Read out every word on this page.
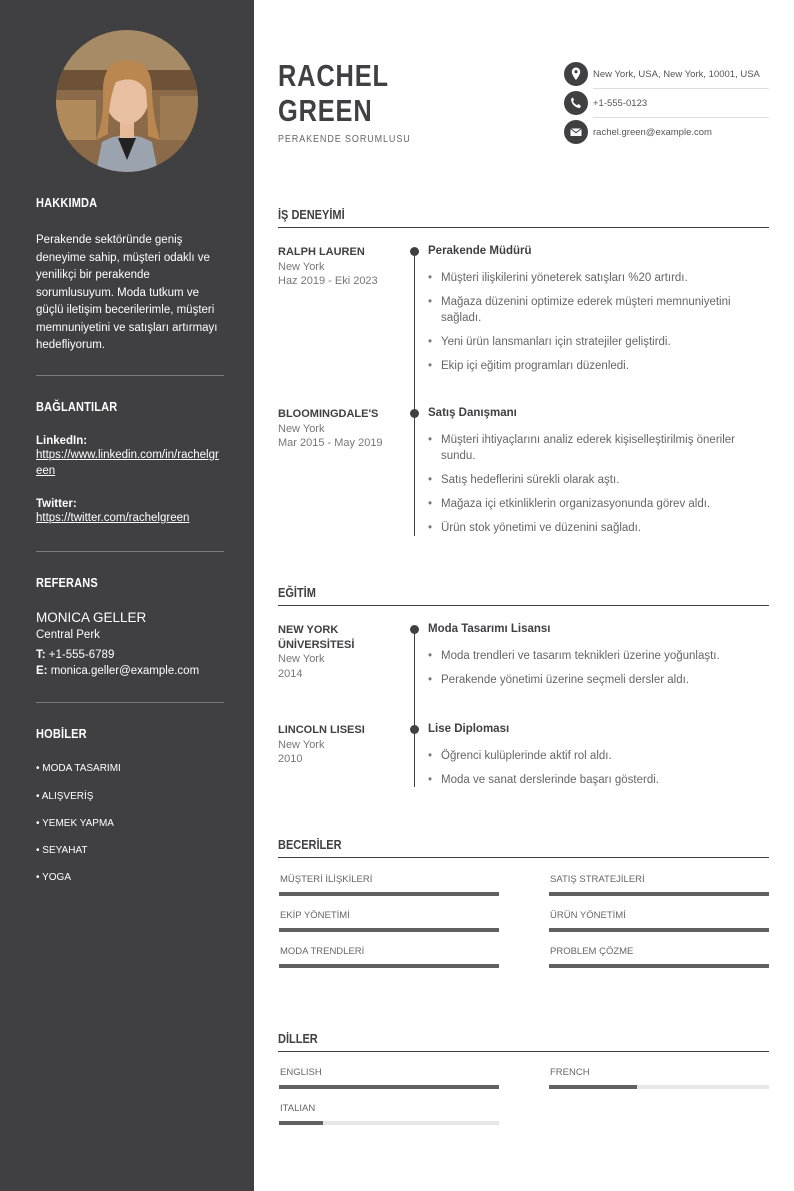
HAKKIMDA
Perakende sektöründe geniş deneyime sahip, müşteri odaklı ve yenilikçi bir perakende sorumlusuyum. Moda tutkum ve güçlü iletişim becerilerimle, müşteri memnuniyetini ve satışları artırmayı hedefliyorum.
BAĞLANTILAR
LinkedIn:
https://www.linkedin.com/in/rachelgreen
Twitter:
https://twitter.com/rachelgreen
REFERANS
MONICA GELLER
Central Perk
T: +1-555-6789
E: monica.geller@example.com
HOBİLER
• MODA TASARIMI
• ALIŞVERİŞ
• YEMEK YAPMA
• SEYAHAT
• YOGA
RACHEL
GREEN
PERAKENDE SORUMLUSU
New York, USA, New York, 10001, USA
+1-555-0123
rachel.green@example.com
İŞ DENEYİMİ
RALPH LAUREN
New York
Haz 2019 - Eki 2023
Perakende Müdürü
• Müşteri ilişkilerini yöneterek satışları %20 artırdı.
• Mağaza düzenini optimize ederek müşteri memnuniyetini sağladı.
• Yeni ürün lansmanları için stratejiler geliştirdi.
• Ekip içi eğitim programları düzenledi.
BLOOMINGDALE'S
New York
Mar 2015 - May 2019
Satış Danışmanı
• Müşteri ihtiyaçlarını analiz ederek kişiselleştirilmiş öneriler sundu.
• Satış hedeflerini sürekli olarak aştı.
• Mağaza içi etkinliklerin organizasyonunda görev aldı.
• Ürün stok yönetimi ve düzenini sağladı.
EĞİTİM
NEW YORK
ÜNİVERSİTESİ
New York
2014
Moda Tasarımı Lisansı
• Moda trendleri ve tasarım teknikleri üzerine yoğunlaştı.
• Perakende yönetimi üzerine seçmeli dersler aldı.
LINCOLN LISESI
New York
2010
Lise Diploması
• Öğrenci kulüplerinde aktif rol aldı.
• Moda ve sanat derslerinde başarı gösterdi.
BECERİLER
MÜŞTERİ İLİŞKİLERİ	SATIŞ STRATEJİLERİ
EKİP YÖNETİMİ	ÜRÜN YÖNETİMİ
MODA TRENDLERİ	PROBLEM ÇÖZME
DİLLER
ENGLISH	FRENCH
ITALIAN
